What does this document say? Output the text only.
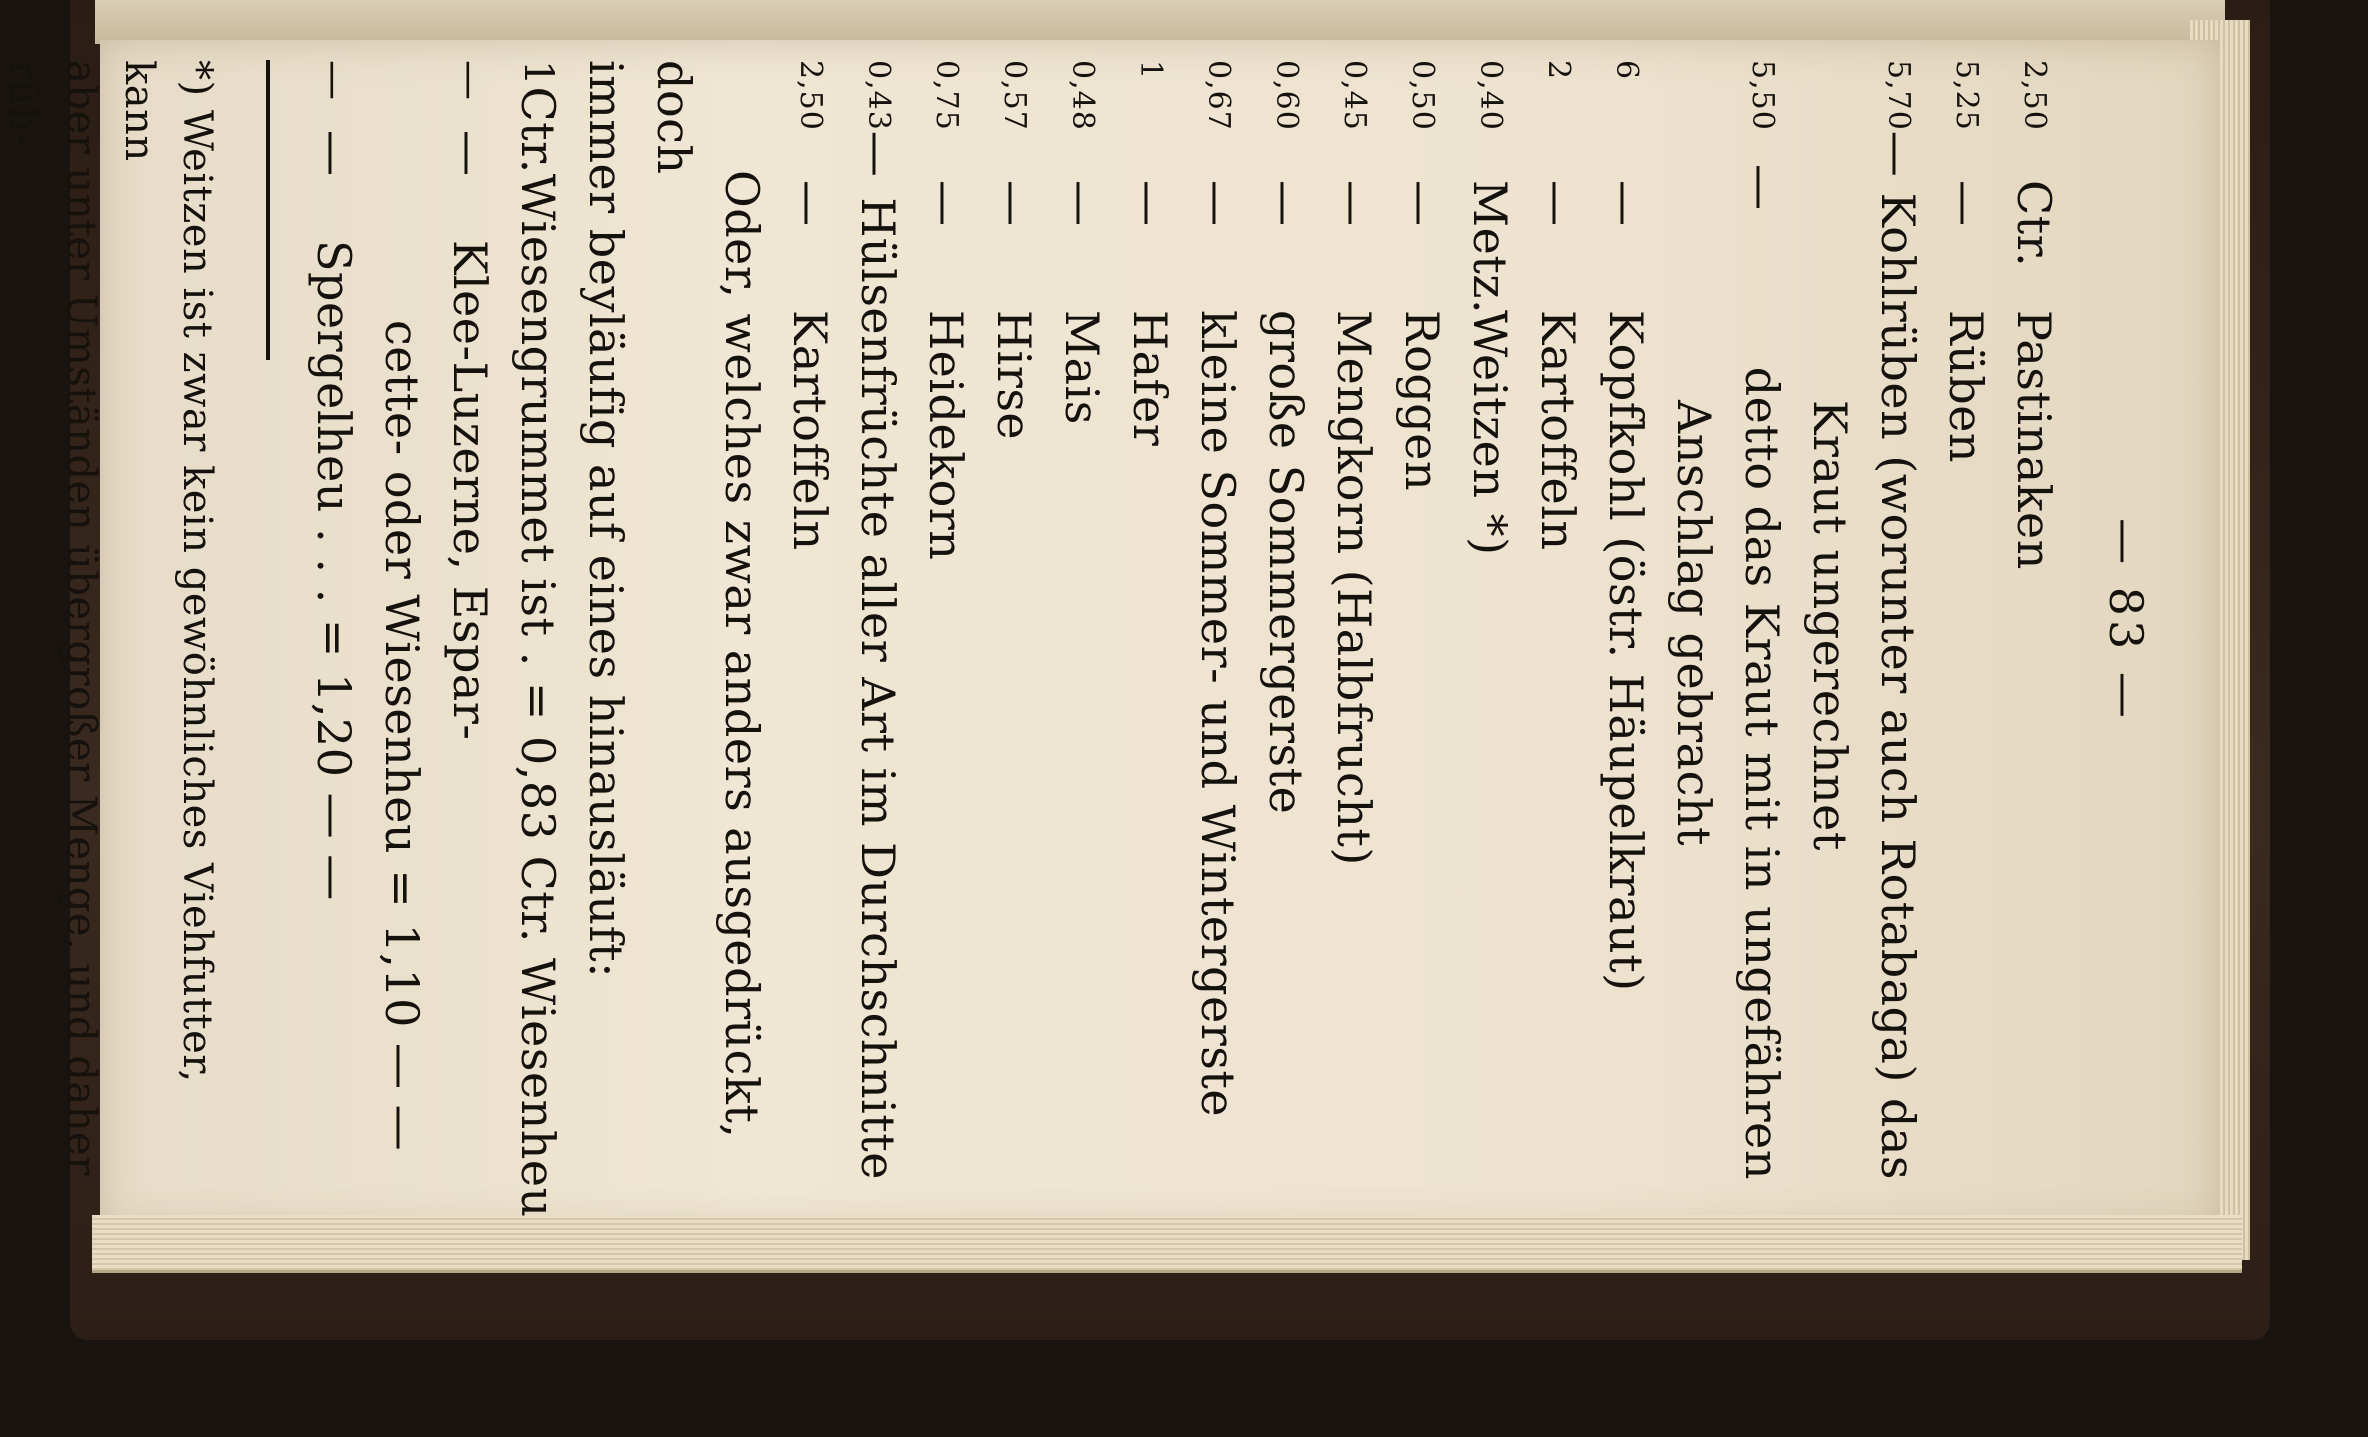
— 83 —
2,50
Ctr.
Pastinaken
5,25
—
Rüben
5,70
—
Kohlrüben (worunter auch Rotabaga) das
Kraut ungerechnet
5,50
—
detto das Kraut mit in ungefähren
Anschlag gebracht
6
—
Kopfkohl (östr. Häupelkraut)
2
—
Kartoffeln
0,40
Metz.
Weitzen *)
0,50
—
Roggen
0,45
—
Mengkorn (Halbfrucht)
0,60
—
große Sommergerste
0,67
—
kleine Sommer- und Wintergerste
1
—
Hafer
0,48
—
Mais
0,57
—
Hirse
0,75
—
Heidekorn
0,43
—
Hülsenfrüchte aller Art im Durchschnitte
2,50
—
Kartoffeln

Oder, welches zwar anders ausgedrückt, doch

immer beyläufig auf eines hinausläuft:

1
Ctr.
Wiesengrummet ist . = 0,83 Ctr. Wiesenheu
—
—
Klee-Luzerne, Espar-
cette- oder Wiesenheu = 1,10 — —
—
—
Spergelheu . . . = 1,20 — —

*) Weitzen ist zwar kein gewöhnliches Viehfutter, kann

aber unter Umständen übergroßer Menge, und daher rüh-
